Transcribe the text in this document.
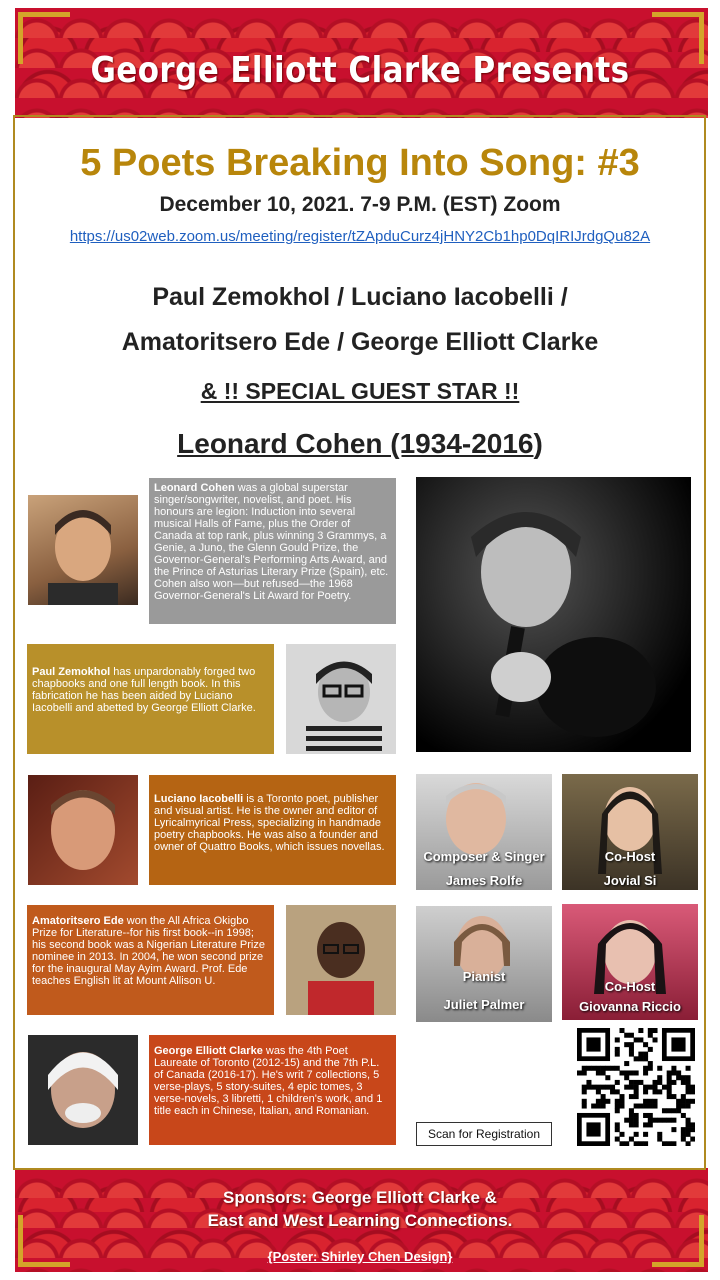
George Elliott Clarke Presents
5 Poets Breaking Into Song: #3
December 10, 2021. 7-9 P.M. (EST) Zoom
https://us02web.zoom.us/meeting/register/tZApduCurz4jHNY2Cb1hp0DqIRIJrdgQu82A
Paul Zemokhol / Luciano Iacobelli /
Amatoritsero Ede / George Elliott Clarke
& !! SPECIAL GUEST STAR !!
Leonard Cohen (1934-2016)
Leonard Cohen was a global superstar singer/songwriter, novelist, and poet. His honours are legion: Induction into several musical Halls of Fame, plus the Order of Canada at top rank, plus winning 3 Grammys, a Genie, a Juno, the Glenn Gould Prize, the Governor-General's Performing Arts Award, and the Prince of Asturias Literary Prize (Spain), etc. Cohen also won—but refused—the 1968 Governor-General's Lit Award for Poetry.
Paul Zemokhol has unpardonably forged two chapbooks and one full length book. In this fabrication he has been aided by Luciano Iacobelli and abetted by George Elliott Clarke.
Luciano Iacobelli is a Toronto poet, publisher and visual artist. He is the owner and editor of Lyricalmyrical Press, specializing in handmade poetry chapbooks. He was also a founder and owner of Quattro Books, which issues novellas.
Amatoritsero Ede won the All Africa Okigbo Prize for Literature--for his first book--in 1998; his second book was a Nigerian Literature Prize nominee in 2013. In 2004, he won second prize for the inaugural May Ayim Award. Prof. Ede teaches English lit at Mount Allison U.
George Elliott Clarke was the 4th Poet Laureate of Toronto (2012-15) and the 7th P.L. of Canada (2016-17). He's writ 7 collections, 5 verse-plays, 5 story-suites, 4 epic tomes, 3 verse-novels, 3 libretti, 1 children's work, and 1 title each in Chinese, Italian, and Romanian.
Composer & Singer
James Rolfe
Co-Host
Jovial Si
Pianist
Juliet Palmer
Co-Host
Giovanna Riccio
Scan for Registration
Sponsors: George Elliott Clarke &
East and West Learning Connections.
{Poster: Shirley Chen Design}
